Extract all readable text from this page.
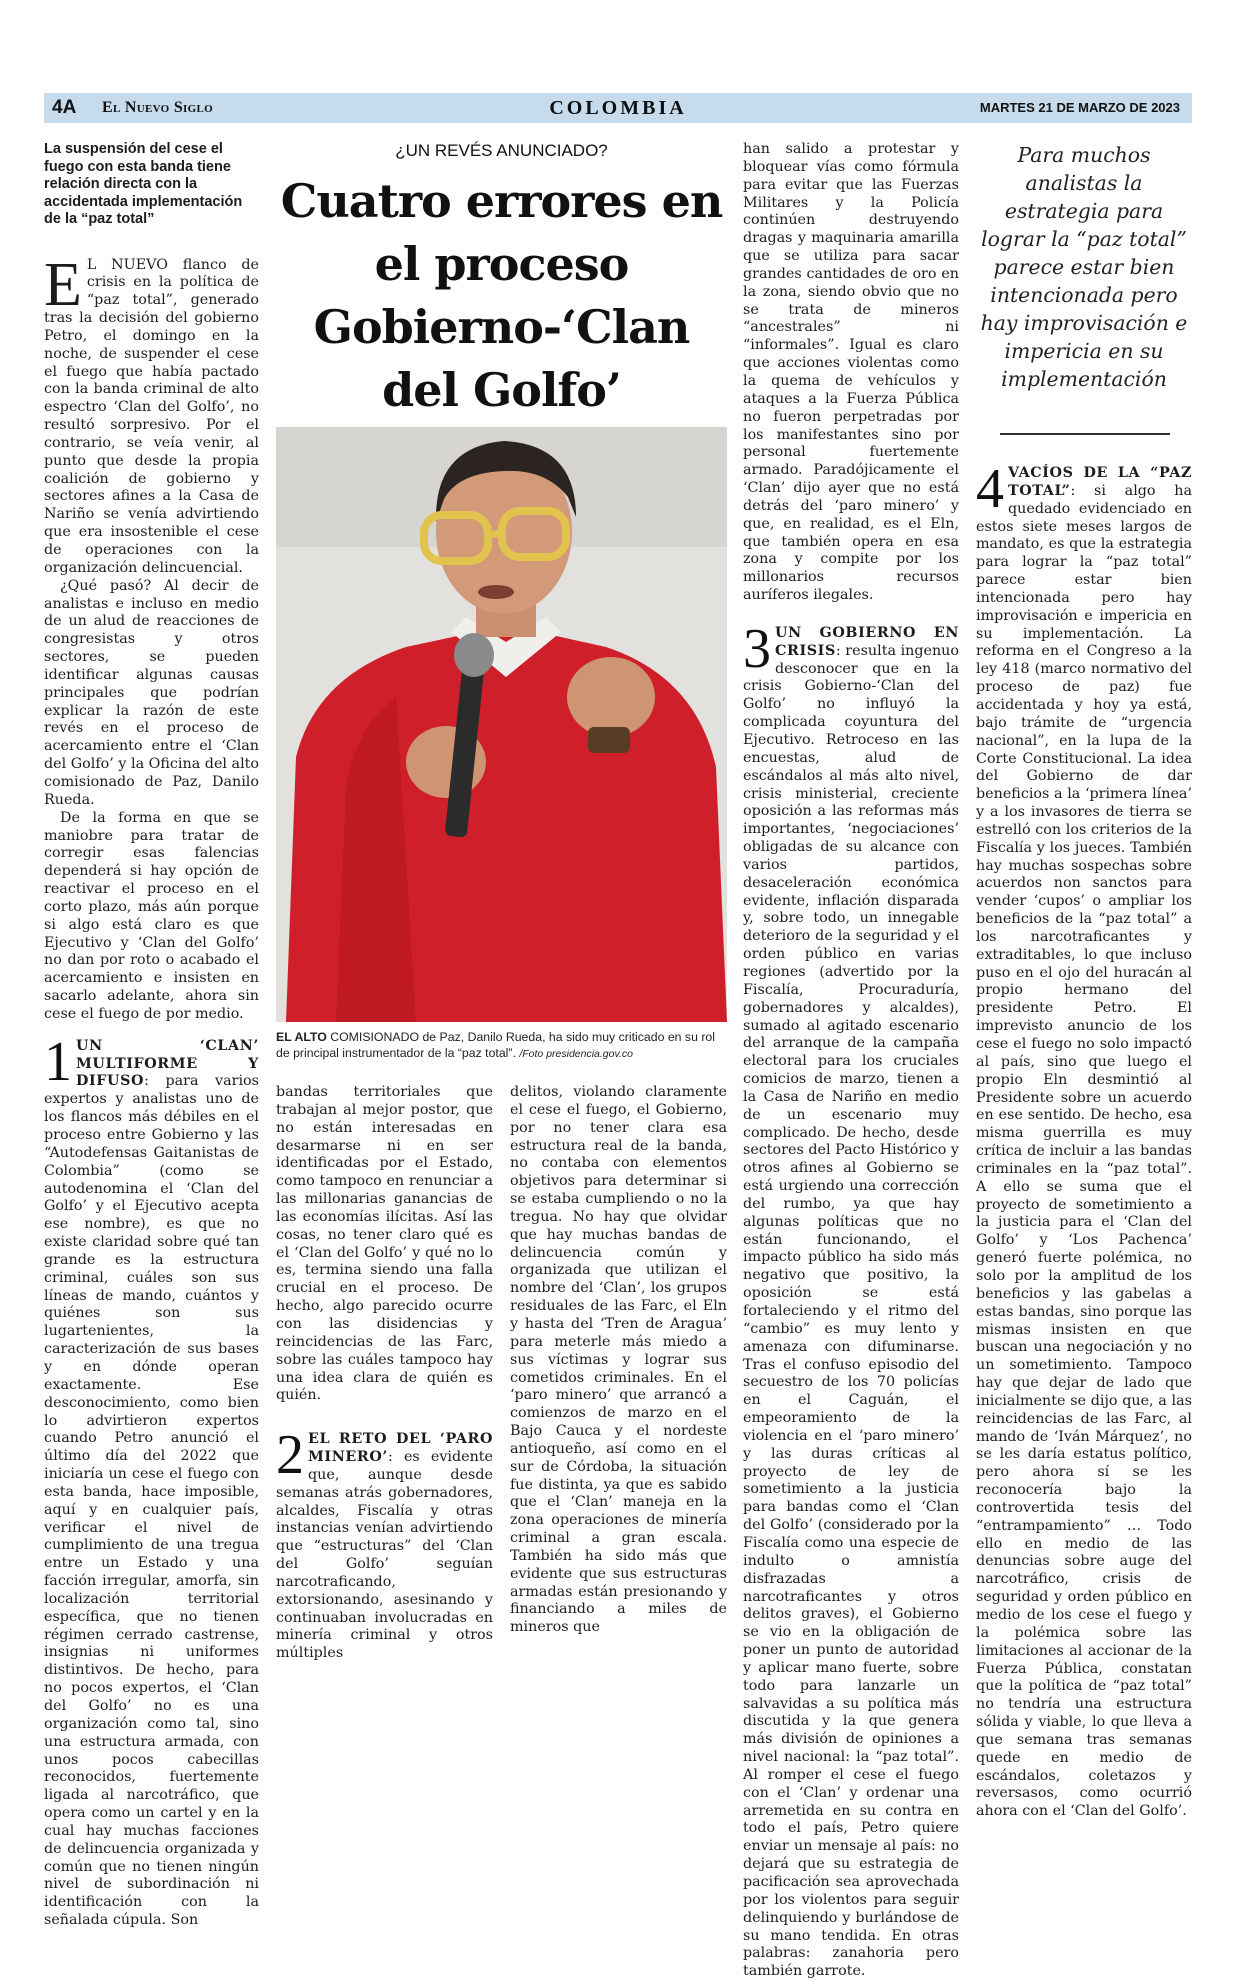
4A El Nuevo Siglo	COLOMBIA	MARTES 21 DE MARZO DE 2023
La suspensión del cese el fuego con esta banda tiene relación directa con la accidentada implementación de la “paz total”

E L NUEVO flanco de crisis en la política de “paz total”, generado tras la decisión del gobierno Petro, el domingo en la noche, de suspender el cese el fuego que había pactado con la banda criminal de alto espectro ‘Clan del Golfo’, no resultó sorpresivo. Por el contrario, se veía venir, al punto que desde la propia coalición de gobierno y sectores afines a la Casa de Nariño se venía advirtiendo que era insostenible el cese de operaciones con la organización delincuencial.

¿Qué pasó? Al decir de analistas e incluso en medio de un alud de reacciones de congresistas y otros sectores, se pueden identificar algunas causas principales que podrían explicar la razón de este revés en el proceso de acercamiento entre el ‘Clan del Golfo’ y la Oficina del alto comisionado de Paz, Danilo Rueda.

De la forma en que se maniobre para tratar de corregir esas falencias dependerá si hay opción de reactivar el proceso en el corto plazo, más aún porque si algo está claro es que Ejecutivo y ‘Clan del Golfo’ no dan por roto o acabado el acercamiento e insisten en sacarlo adelante, ahora sin cese el fuego de por medio.

1 UN ‘CLAN’ MULTIFORME Y DIFUSO: para varios expertos y analistas uno de los flancos más débiles en el proceso entre Gobierno y las “Autodefensas Gaitanistas de Colombia” (como se autodenomina el ‘Clan del Golfo’ y el Ejecutivo acepta ese nombre), es que no existe claridad sobre qué tan grande es la estructura criminal, cuáles son sus líneas de mando, cuántos y quiénes son sus lugartenientes, la caracterización de sus bases y en dónde operan exactamente. Ese desconocimiento, como bien lo advirtieron expertos cuando Petro anunció el último día del 2022 que iniciaría un cese el fuego con esta banda, hace imposible, aquí y en cualquier país, verificar el nivel de cumplimiento de una tregua entre un Estado y una facción irregular, amorfa, sin localización territorial específica, que no tienen régimen cerrado castrense, insignias ni uniformes distintivos. De hecho, para no pocos expertos, el ‘Clan del Golfo’ no es una organización como tal, sino una estructura armada, con unos pocos cabecillas reconocidos, fuertemente ligada al narcotráfico, que opera como un cartel y en la cual hay muchas facciones de delincuencia organizada y común que no tienen ningún nivel de subordinación ni identificación con la señalada cúpula. Son

¿UN REVÉS ANUNCIADO?
Cuatro errores en el proceso Gobierno-‘Clan del Golfo’
EL ALTO COMISIONADO de Paz, Danilo Rueda, ha sido muy criticado en su rol de principal instrumentador de la “paz total”. /Foto presidencia.gov.co

bandas territoriales que trabajan al mejor postor, que no están interesadas en desarmarse ni en ser identificadas por el Estado, como tampoco en renunciar a las millonarias ganancias de las economías ilícitas. Así las cosas, no tener claro qué es el ‘Clan del Golfo’ y qué no lo es, termina siendo una falla crucial en el proceso. De hecho, algo parecido ocurre con las disidencias y reincidencias de las Farc, sobre las cuáles tampoco hay una idea clara de quién es quién.

2 EL RETO DEL ‘PARO MINERO’: es evidente que, aunque desde semanas atrás gobernadores, alcaldes, Fiscalía y otras instancias venían advirtiendo que “estructuras” del ‘Clan del Golfo’ seguían narcotraficando, extorsionando, asesinando y continuaban involucradas en minería criminal y otros múltiples

delitos, violando claramente el cese el fuego, el Gobierno, por no tener clara esa estructura real de la banda, no contaba con elementos objetivos para determinar si se estaba cumpliendo o no la tregua. No hay que olvidar que hay muchas bandas de delincuencia común y organizada que utilizan el nombre del ‘Clan’, los grupos residuales de las Farc, el Eln y hasta del ‘Tren de Aragua’ para meterle más miedo a sus víctimas y lograr sus cometidos criminales. En el ‘paro minero’ que arrancó a comienzos de marzo en el Bajo Cauca y el nordeste antioqueño, así como en el sur de Córdoba, la situación fue distinta, ya que es sabido que el ‘Clan’ maneja en la zona operaciones de minería criminal a gran escala. También ha sido más que evidente que sus estructuras armadas están presionando y financiando a miles de mineros que

han salido a protestar y bloquear vías como fórmula para evitar que las Fuerzas Militares y la Policía continúen destruyendo dragas y maquinaria amarilla que se utiliza para sacar grandes cantidades de oro en la zona, siendo obvio que no se trata de mineros “ancestrales” ni “informales”. Igual es claro que acciones violentas como la quema de vehículos y ataques a la Fuerza Pública no fueron perpetradas por los manifestantes sino por personal fuertemente armado. Paradójicamente el ‘Clan’ dijo ayer que no está detrás del ‘paro minero’ y que, en realidad, es el Eln, que también opera en esa zona y compite por los millonarios recursos auríferos ilegales.

3 UN GOBIERNO EN CRISIS: resulta ingenuo desconocer que en la crisis Gobierno-‘Clan del Golfo’ no influyó la complicada coyuntura del Ejecutivo. Retroceso en las encuestas, alud de escándalos al más alto nivel, crisis ministerial, creciente oposición a las reformas más importantes, ‘negociaciones’ obligadas de su alcance con varios partidos, desaceleración económica evidente, inflación disparada y, sobre todo, un innegable deterioro de la seguridad y el orden público en varias regiones (advertido por la Fiscalía, Procuraduría, gobernadores y alcaldes), sumado al agitado escenario del arranque de la campaña electoral para los cruciales comicios de marzo, tienen a la Casa de Nariño en medio de un escenario muy complicado. De hecho, desde sectores del Pacto Histórico y otros afines al Gobierno se está urgiendo una corrección del rumbo, ya que hay algunas políticas que no están funcionando, el impacto público ha sido más negativo que positivo, la oposición se está fortaleciendo y el ritmo del “cambio” es muy lento y amenaza con difuminarse. Tras el confuso episodio del secuestro de los 70 policías en el Caguán, el empeoramiento de la violencia en el ‘paro minero’ y las duras críticas al proyecto de ley de sometimiento a la justicia para bandas como el ‘Clan del Golfo’ (considerado por la Fiscalía como una especie de indulto o amnistía disfrazadas a narcotraficantes y otros delitos graves), el Gobierno se vio en la obligación de poner un punto de autoridad y aplicar mano fuerte, sobre todo para lanzarle un salvavidas a su política más discutida y la que genera más división de opiniones a nivel nacional: la “paz total”. Al romper el cese el fuego con el ‘Clan’ y ordenar una arremetida en su contra en todo el país, Petro quiere enviar un mensaje al país: no dejará que su estrategia de pacificación sea aprovechada por los violentos para seguir delinquiendo y burlándose de su mano tendida. En otras palabras: zanahoria pero también garrote.

Para muchos analistas la estrategia para lograr la “paz total” parece estar bien intencionada pero hay improvisación e impericia en su implementación

4 VACÍOS DE LA “PAZ TOTAL”: si algo ha quedado evidenciado en estos siete meses largos de mandato, es que la estrategia para lograr la “paz total” parece estar bien intencionada pero hay improvisación e impericia en su implementación. La reforma en el Congreso a la ley 418 (marco normativo del proceso de paz) fue accidentada y hoy ya está, bajo trámite de “urgencia nacional”, en la lupa de la Corte Constitucional. La idea del Gobierno de dar beneficios a la ‘primera línea’ y a los invasores de tierra se estrelló con los criterios de la Fiscalía y los jueces. También hay muchas sospechas sobre acuerdos non sanctos para vender ‘cupos’ o ampliar los beneficios de la “paz total” a los narcotraficantes y extraditables, lo que incluso puso en el ojo del huracán al propio hermano del presidente Petro. El imprevisto anuncio de los cese el fuego no solo impactó al país, sino que luego el propio Eln desmintió al Presidente sobre un acuerdo en ese sentido. De hecho, esa misma guerrilla es muy crítica de incluir a las bandas criminales en la “paz total”. A ello se suma que el proyecto de sometimiento a la justicia para el ‘Clan del Golfo’ y ‘Los Pachenca’ generó fuerte polémica, no solo por la amplitud de los beneficios y las gabelas a estas bandas, sino porque las mismas insisten en que buscan una negociación y no un sometimiento. Tampoco hay que dejar de lado que inicialmente se dijo que, a las reincidencias de las Farc, al mando de ‘Iván Márquez’, no se les daría estatus político, pero ahora sí se les reconocería bajo la controvertida tesis del “entrampamiento” … Todo ello en medio de las denuncias sobre auge del narcotráfico, crisis de seguridad y orden público en medio de los cese el fuego y la polémica sobre las limitaciones al accionar de la Fuerza Pública, constatan que la política de “paz total” no tendría una estructura sólida y viable, lo que lleva a que semana tras semanas quede en medio de escándalos, coletazos y reversasos, como ocurrió ahora con el ‘Clan del Golfo’.
